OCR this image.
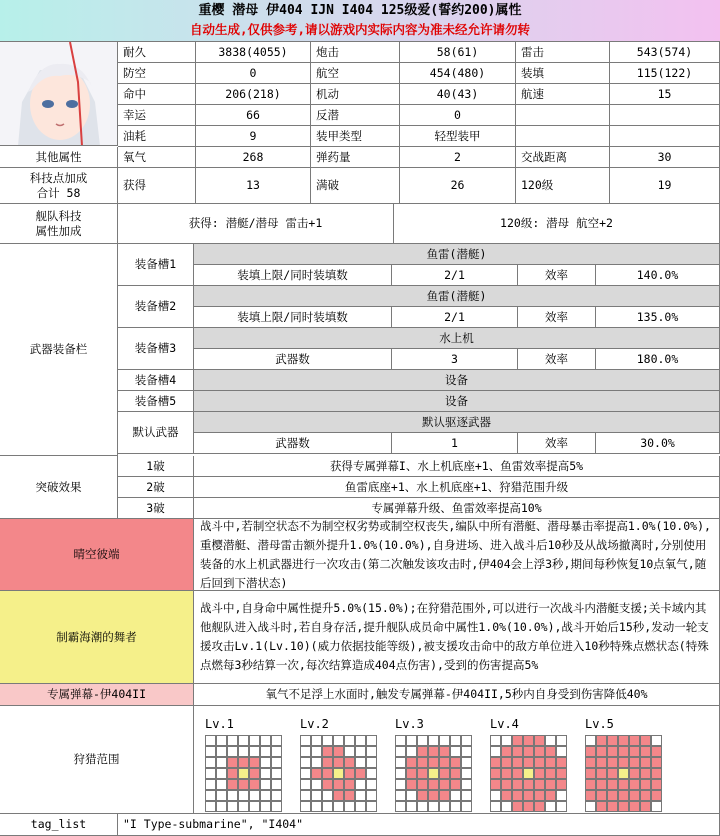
重樱 潜母 伊404 IJN I404 125级爱(誓约200)属性
自动生成,仅供参考,请以游戏内实际内容为准未经允许请勿转
耐久	3838(4055)	炮击	58(61)	雷击	543(574)
防空	0	航空	454(480)	装填	115(122)
命中	206(218)	机动	40(43)	航速	15
幸运	66	反潜	0
油耗	9	装甲类型	轻型装甲
其他属性	氧气	268	弹药量	2	交战距离	30
科技点加成
合计 58
获得	13	满破	26	120级	19
舰队科技
属性加成
获得: 潜艇/潜母 雷击+1	120级: 潜母 航空+2
武器装备栏
装备槽1
鱼雷(潜艇)
装填上限/同时装填数	2/1	效率	140.0%
装备槽2
鱼雷(潜艇)
装填上限/同时装填数	2/1	效率	135.0%
装备槽3
水上机
武器数	3	效率	180.0%
装备槽4	设备
装备槽5	设备
默认武器
默认驱逐武器
武器数	1	效率	30.0%
突破效果
1破	获得专属弹幕I、水上机底座+1、鱼雷效率提高5%
2破	鱼雷底座+1、水上机底座+1、狩猎范围升级
3破	专属弹幕升级、鱼雷效率提高10%
晴空彼端
战斗中,若制空状态不为制空权劣势或制空权丧失,编队中所有潜艇、潜母暴击率提高1.0%(10.0%),重樱潜艇、潜母雷击额外提升1.0%(10.0%),自身进场、进入战斗后10秒及从战场撤离时,分别使用装备的水上机武器进行一次攻击(第二次触发该攻击时,伊404会上浮3秒,期间每秒恢复10点氧气,随后回到下潜状态)
制霸海潮的舞者
战斗中,自身命中属性提升5.0%(15.0%);在狩猎范围外,可以进行一次战斗内潜艇支援;关卡域内其他舰队进入战斗时,若自身存活,提升舰队成员命中属性1.0%(10.0%),战斗开始后15秒,发动一轮支援攻击Lv.1(Lv.10)(威力依据技能等级),被支援攻击命中的敌方单位进入10秒特殊点燃状态(特殊点燃每3秒结算一次,每次结算造成404点伤害),受到的伤害提高5%
专属弹幕-伊404II	氧气不足浮上水面时,触发专属弹幕-伊404II,5秒内自身受到伤害降低40%
狩猎范围
tag_list	"I Type-submarine", "I404"
Lv.1	Lv.2	Lv.3	Lv.4	Lv.5
